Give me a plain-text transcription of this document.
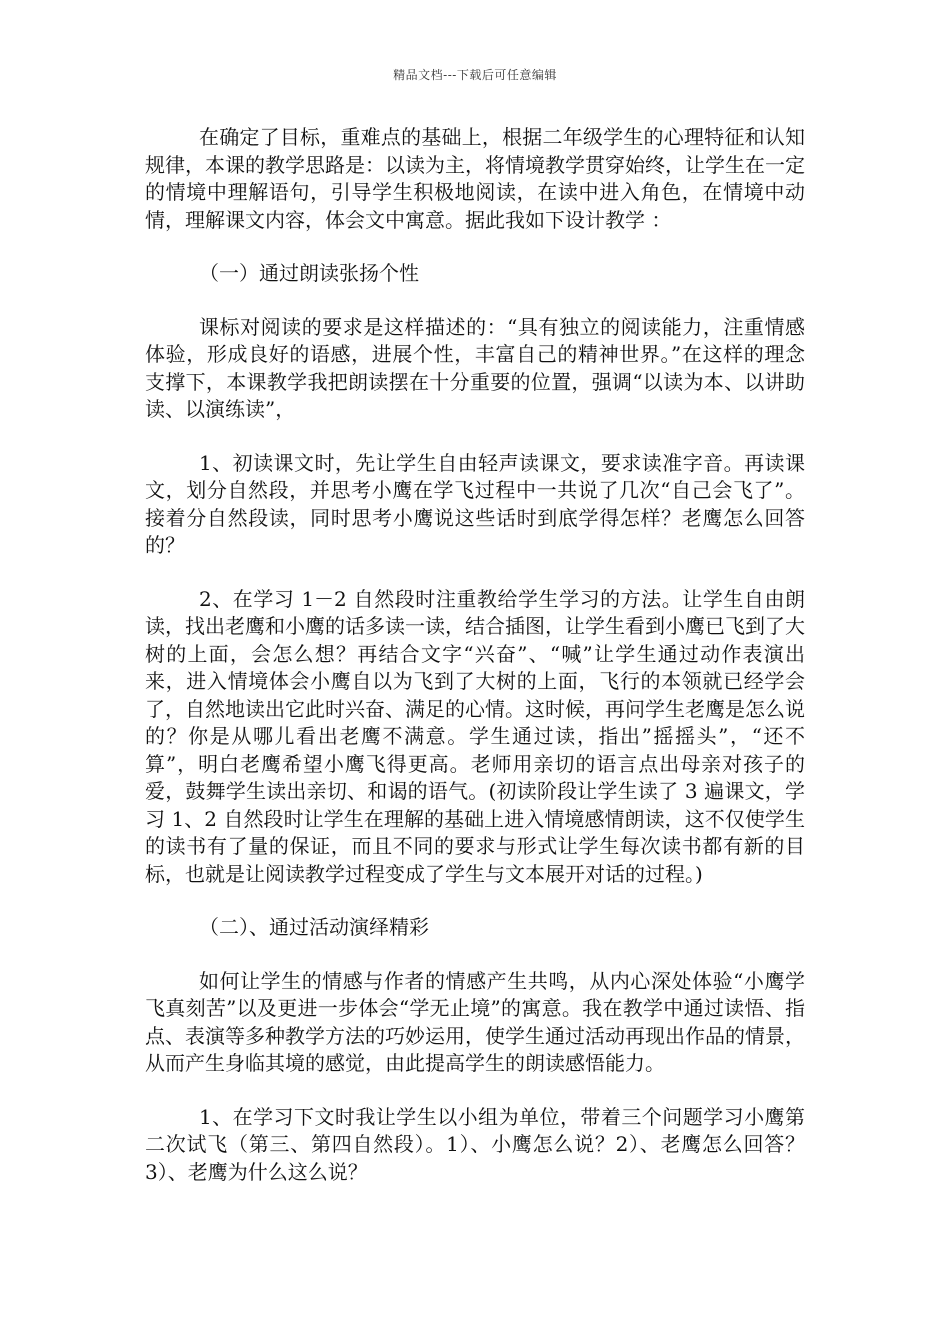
精品文档---下载后可任意编辑

在确定了目标，重难点的基础上，根据二年级学生的心理特征和认知规律，本课的教学思路是：以读为主，将情境教学贯穿始终，让学生在一定的情境中理解语句，引导学生积极地阅读，在读中进入角色，在情境中动情，理解课文内容，体会文中寓意。据此我如下设计教学 ：

（一）通过朗读张扬个性

课标对阅读的要求是这样描述的：“具有独立的阅读能力，注重情感体验，形成良好的语感，进展个性，丰富自己的精神世界。”在这样的理念支撑下，本课教学我把朗读摆在十分重要的位置，强调“以读为本、以讲助读、以演练读”，

1、初读课文时，先让学生自由轻声读课文，要求读准字音。再读课文，划分自然段，并思考小鹰在学飞过程中一共说了几次“自己会飞了”。接着分自然段读，同时思考小鹰说这些话时到底学得怎样？老鹰怎么回答的？

2、在学习 1－2 自然段时注重教给学生学习的方法。让学生自由朗读，找出老鹰和小鹰的话多读一读，结合插图，让学生看到小鹰已飞到了大树的上面，会怎么想？再结合文字“兴奋”、“喊”让学生通过动作表演出来，进入情境体会小鹰自以为飞到了大树的上面，飞行的本领就已经学会了，自然地读出它此时兴奋、满足的心情。这时候，再问学生老鹰是怎么说的？你是从哪儿看出老鹰不满意。学生通过读，指出”摇摇头”，“还不算”，明白老鹰希望小鹰飞得更高。老师用亲切的语言点出母亲对孩子的爱，鼓舞学生读出亲切、和谒的语气。(初读阶段让学生读了 3 遍课文，学习 1、2 自然段时让学生在理解的基础上进入情境感情朗读，这不仅使学生的读书有了量的保证，而且不同的要求与形式让学生每次读书都有新的目标，也就是让阅读教学过程变成了学生与文本展开对话的过程。)

（二）、通过活动演绎精彩

如何让学生的情感与作者的情感产生共鸣，从内心深处体验“小鹰学飞真刻苦”以及更进一步体会“学无止境”的寓意。我在教学中通过读悟、指点、表演等多种教学方法的巧妙运用，使学生通过活动再现出作品的情景，从而产生身临其境的感觉，由此提高学生的朗读感悟能力。

1、在学习下文时我让学生以小组为单位，带着三个问题学习小鹰第二次试飞（第三、第四自然段）。1）、小鹰怎么说？2）、老鹰怎么回答？3）、老鹰为什么这么说？
